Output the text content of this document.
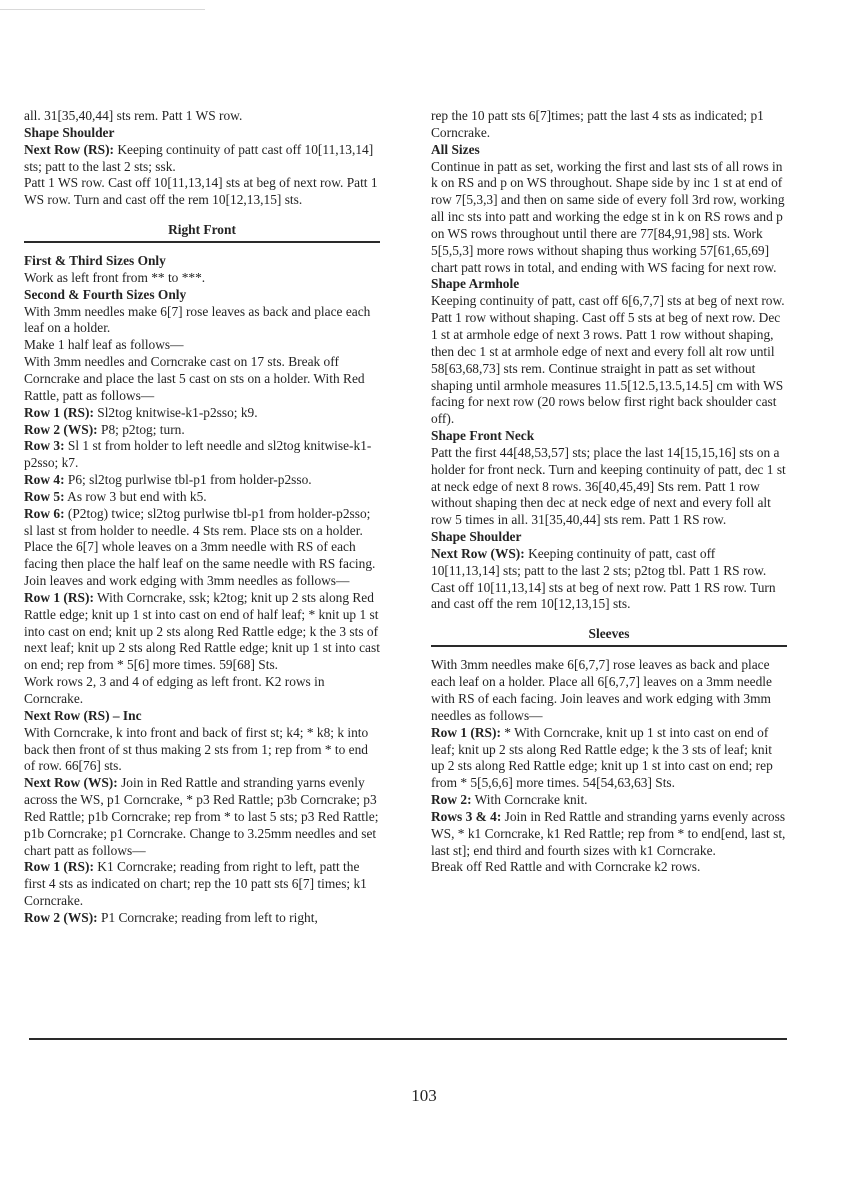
all. 31[35,40,44] sts rem. Patt 1 WS row.

Shape Shoulder

Next Row (RS): Keeping continuity of patt cast off 10[11,13,14] sts; patt to the last 2 sts; ssk.

Patt 1 WS row. Cast off 10[11,13,14] sts at beg of next row. Patt 1 WS row. Turn and cast off the rem 10[12,13,15] sts.

Right Front

First & Third Sizes Only

Work as left front from ** to ***.

Second & Fourth Sizes Only

With 3mm needles make 6[7] rose leaves as back and place each leaf on a holder.

Make 1 half leaf as follows—

With 3mm needles and Corncrake cast on 17 sts. Break off Corncrake and place the last 5 cast on sts on a holder. With Red Rattle, patt as follows—

Row 1 (RS): Sl2tog knitwise-k1-p2sso; k9.

Row 2 (WS): P8; p2tog; turn.

Row 3: Sl 1 st from holder to left needle and sl2tog knitwise-k1-p2sso; k7.

Row 4: P6; sl2tog purlwise tbl-p1 from holder-p2sso.

Row 5: As row 3 but end with k5.

Row 6: (P2tog) twice; sl2tog purlwise tbl-p1 from holder-p2sso; sl last st from holder to needle. 4 Sts rem. Place sts on a holder.

Place the 6[7] whole leaves on a 3mm needle with RS of each facing then place the half leaf on the same needle with RS facing. Join leaves and work edging with 3mm needles as follows—

Row 1 (RS): With Corncrake, ssk; k2tog; knit up 2 sts along Red Rattle edge; knit up 1 st into cast on end of half leaf; * knit up 1 st into cast on end; knit up 2 sts along Red Rattle edge; k the 3 sts of next leaf; knit up 2 sts along Red Rattle edge; knit up 1 st into cast on end; rep from * 5[6] more times. 59[68] Sts.

Work rows 2, 3 and 4 of edging as left front. K2 rows in Corncrake.

Next Row (RS) – Inc

With Corncrake, k into front and back of first st; k4; * k8; k into back then front of st thus making 2 sts from 1; rep from * to end of row. 66[76] sts.

Next Row (WS): Join in Red Rattle and stranding yarns evenly across the WS, p1 Corncrake, * p3 Red Rattle; p3b Corncrake; p3 Red Rattle; p1b Corncrake; rep from * to last 5 sts; p3 Red Rattle; p1b Corncrake; p1 Corncrake. Change to 3.25mm needles and set chart patt as follows—

Row 1 (RS): K1 Corncrake; reading from right to left, patt the first 4 sts as indicated on chart; rep the 10 patt sts 6[7] times; k1 Corncrake.

Row 2 (WS): P1 Corncrake; reading from left to right,

rep the 10 patt sts 6[7]times; patt the last 4 sts as indicated; p1 Corncrake.

All Sizes

Continue in patt as set, working the first and last sts of all rows in k on RS and p on WS throughout. Shape side by inc 1 st at end of row 7[5,3,3] and then on same side of every foll 3rd row, working all inc sts into patt and working the edge st in k on RS rows and p on WS rows throughout until there are 77[84,91,98] sts. Work 5[5,5,3] more rows without shaping thus working 57[61,65,69] chart patt rows in total, and ending with WS facing for next row.

Shape Armhole

Keeping continuity of patt, cast off 6[6,7,7] sts at beg of next row. Patt 1 row without shaping. Cast off 5 sts at beg of next row. Dec 1 st at armhole edge of next 3 rows. Patt 1 row without shaping, then dec 1 st at armhole edge of next and every foll alt row until 58[63,68,73] sts rem. Continue straight in patt as set without shaping until armhole measures 11.5[12.5,13.5,14.5] cm with WS facing for next row (20 rows below first right back shoulder cast off).

Shape Front Neck

Patt the first 44[48,53,57] sts; place the last 14[15,15,16] sts on a holder for front neck. Turn and keeping continuity of patt, dec 1 st at neck edge of next 8 rows. 36[40,45,49] Sts rem. Patt 1 row without shaping then dec at neck edge of next and every foll alt row 5 times in all. 31[35,40,44] sts rem. Patt 1 RS row.

Shape Shoulder

Next Row (WS): Keeping continuity of patt, cast off 10[11,13,14] sts; patt to the last 2 sts; p2tog tbl. Patt 1 RS row. Cast off 10[11,13,14] sts at beg of next row. Patt 1 RS row. Turn and cast off the rem 10[12,13,15] sts.

Sleeves

With 3mm needles make 6[6,7,7] rose leaves as back and place each leaf on a holder. Place all 6[6,7,7] leaves on a 3mm needle with RS of each facing. Join leaves and work edging with 3mm needles as follows—

Row 1 (RS): * With Corncrake, knit up 1 st into cast on end of leaf; knit up 2 sts along Red Rattle edge; k the 3 sts of leaf; knit up 2 sts along Red Rattle edge; knit up 1 st into cast on end; rep from * 5[5,6,6] more times. 54[54,63,63] Sts.

Row 2: With Corncrake knit.

Rows 3 & 4: Join in Red Rattle and stranding yarns evenly across WS, * k1 Corncrake, k1 Red Rattle; rep from * to end[end, last st, last st]; end third and fourth sizes with k1 Corncrake.

Break off Red Rattle and with Corncrake k2 rows.

103
